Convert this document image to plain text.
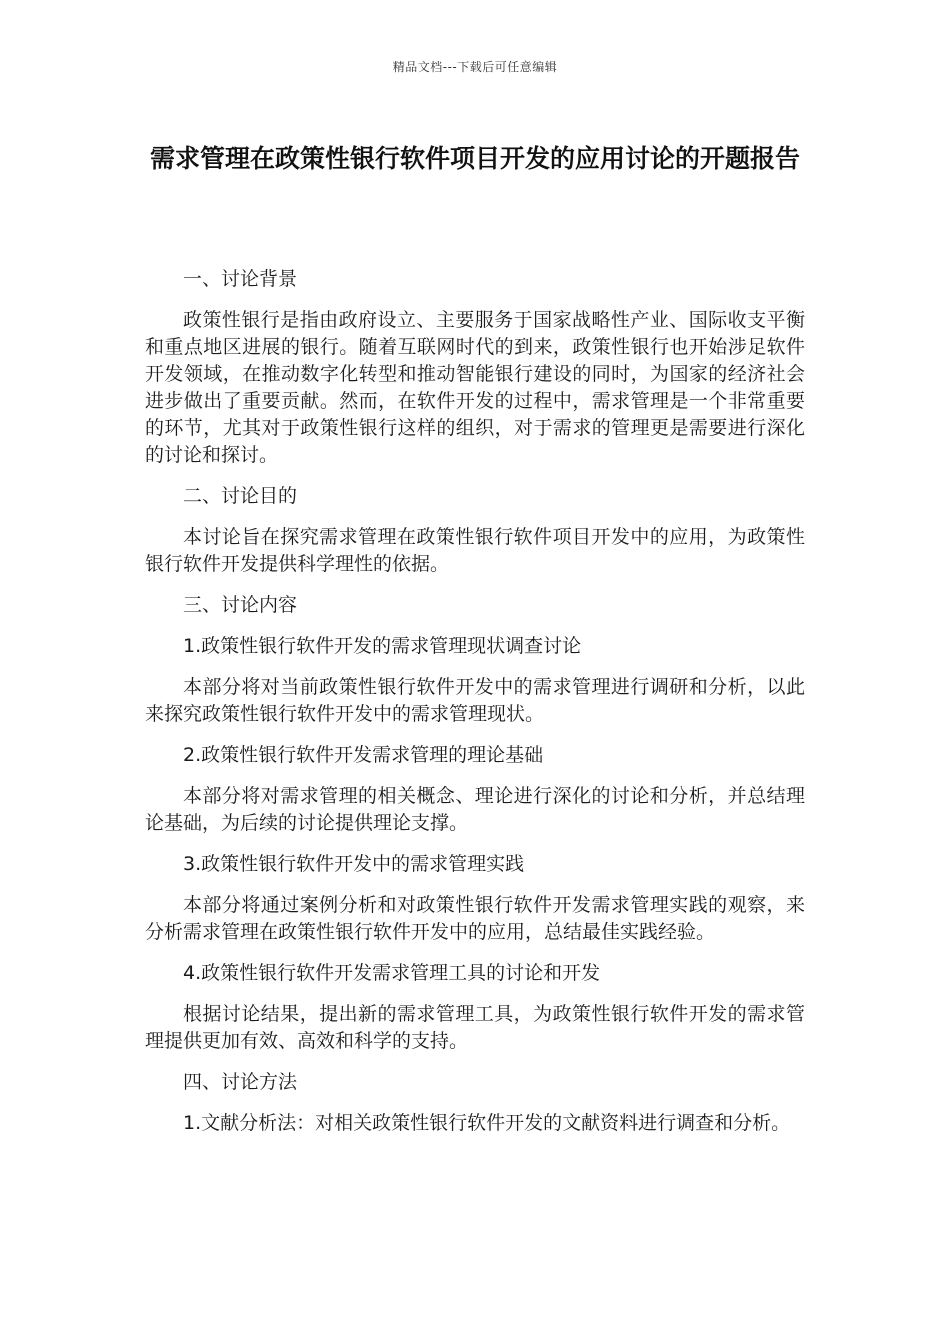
精品文档---下载后可任意编辑
需求管理在政策性银行软件项目开发的应用讨论的开题报告

一、讨论背景

政策性银行是指由政府设立、主要服务于国家战略性产业、国际收支平衡和重点地区进展的银行。随着互联网时代的到来，政策性银行也开始涉足软件开发领域，在推动数字化转型和推动智能银行建设的同时，为国家的经济社会进步做出了重要贡献。然而，在软件开发的过程中，需求管理是一个非常重要的环节，尤其对于政策性银行这样的组织，对于需求的管理更是需要进行深化的讨论和探讨。

二、讨论目的

本讨论旨在探究需求管理在政策性银行软件项目开发中的应用，为政策性银行软件开发提供科学理性的依据。

三、讨论内容

1.政策性银行软件开发的需求管理现状调查讨论

本部分将对当前政策性银行软件开发中的需求管理进行调研和分析，以此来探究政策性银行软件开发中的需求管理现状。

2.政策性银行软件开发需求管理的理论基础

本部分将对需求管理的相关概念、理论进行深化的讨论和分析，并总结理论基础，为后续的讨论提供理论支撑。

3.政策性银行软件开发中的需求管理实践

本部分将通过案例分析和对政策性银行软件开发需求管理实践的观察，来分析需求管理在政策性银行软件开发中的应用，总结最佳实践经验。

4.政策性银行软件开发需求管理工具的讨论和开发

根据讨论结果，提出新的需求管理工具，为政策性银行软件开发的需求管理提供更加有效、高效和科学的支持。

四、讨论方法

1.文献分析法：对相关政策性银行软件开发的文献资料进行调查和分析。
